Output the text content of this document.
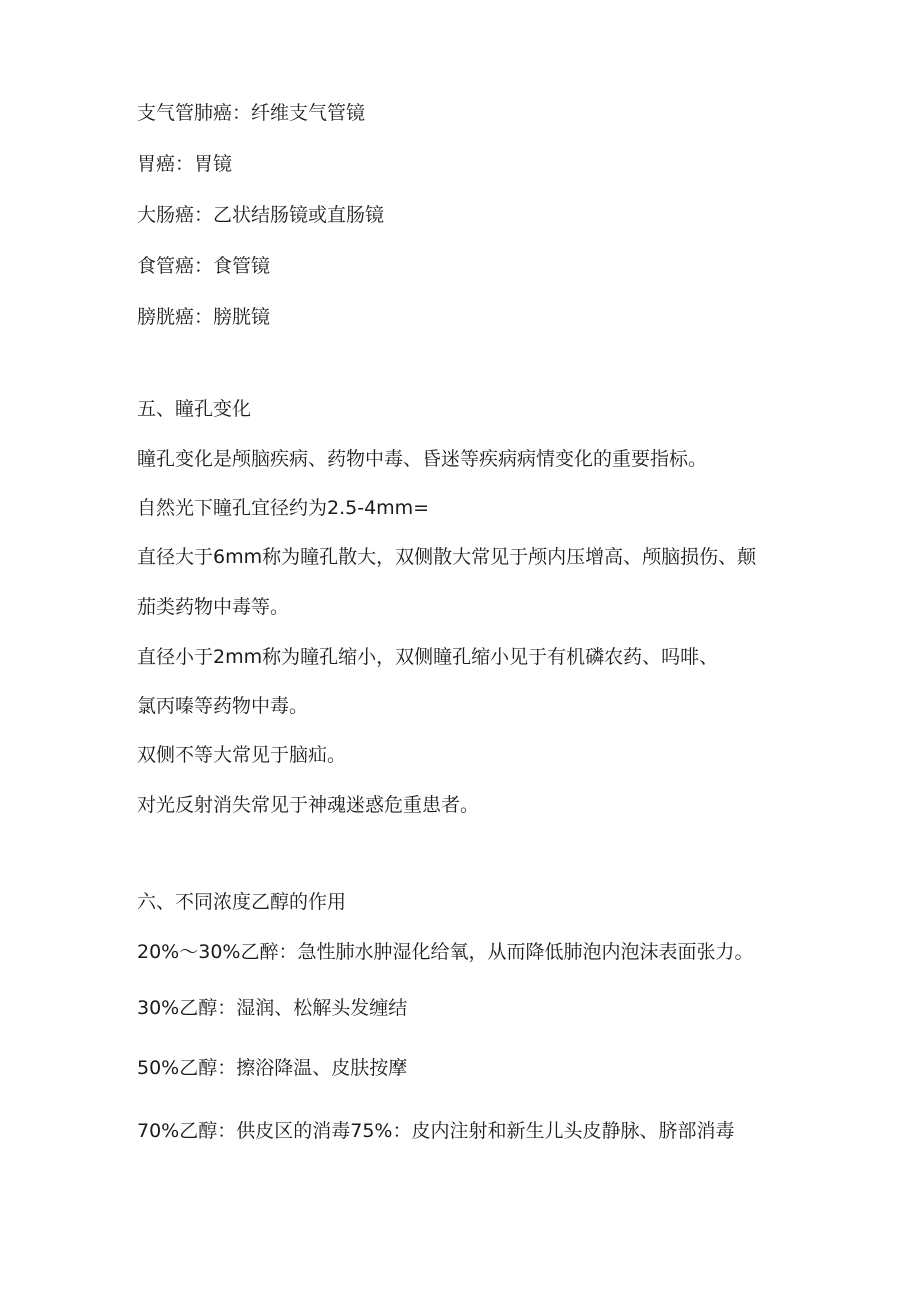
支气管肺癌：纤维支气管镜

胃癌：胃镜

大肠癌：乙状结肠镜或直肠镜

食管癌：食管镜

膀胱癌：膀胱镜

五、瞳孔变化

瞳孔变化是颅脑疾病、药物中毒、昏迷等疾病病情变化的重要指标。

自然光下瞳孔宜径约为2.5-4mm=

直径大于6mm称为瞳孔散大，双侧散大常见于颅内压增高、颅脑损伤、颠

茄类药物中毒等。

直径小于2mm称为瞳孔缩小，双侧瞳孔缩小见于有机磷农药、吗啡、

氯丙嗪等药物中毒。

双侧不等大常见于脑疝。

对光反射消失常见于神魂迷惑危重患者。

六、不同浓度乙醇的作用

20%～30%乙醉：急性肺水肿湿化给氧，从而降低肺泡内泡沫表面张力。

30%乙醇：湿润、松解头发缠结

50%乙醇：擦浴降温、皮肤按摩

70%乙醇：供皮区的消毒75%：皮内注射和新生儿头皮静脉、脐部消毒
